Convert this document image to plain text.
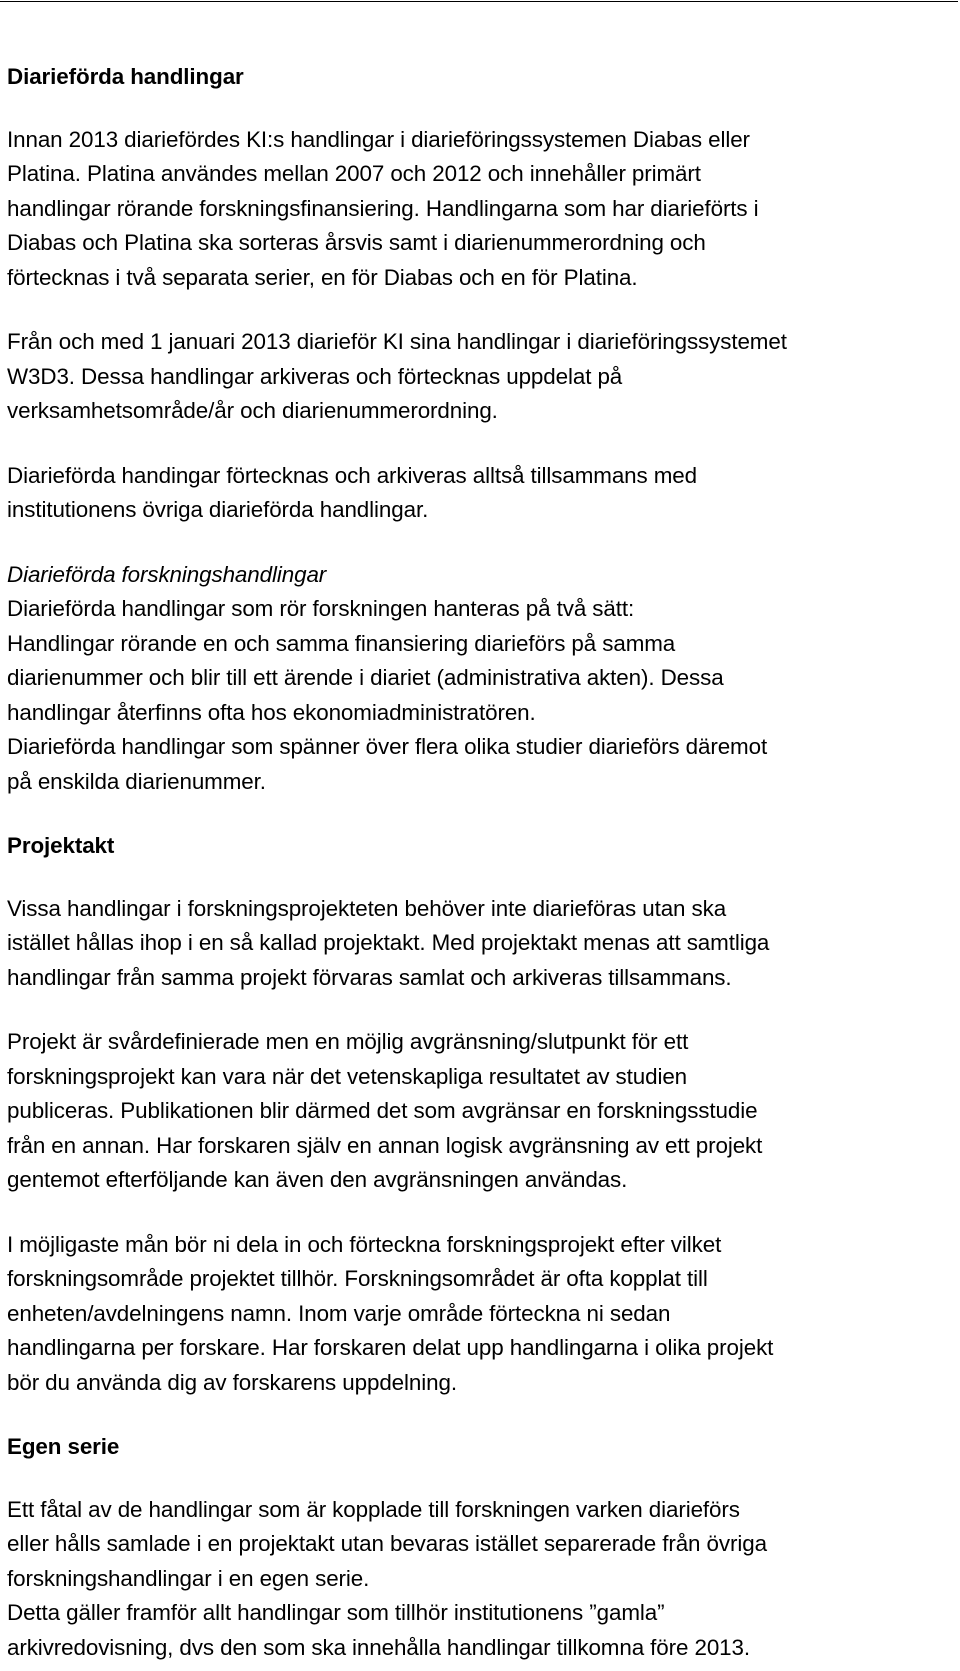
Diarieförda handlingar
Innan 2013 diariefördes KI:s handlingar i diarieföringssystemen Diabas eller
Platina. Platina användes mellan 2007 och 2012 och innehåller primärt
handlingar rörande forskningsfinansiering. Handlingarna som har diarieförts i
Diabas och Platina ska sorteras årsvis samt i diarienummerordning och
förtecknas i två separata serier, en för Diabas och en för Platina.
Från och med 1 januari 2013 diarieför KI sina handlingar i diarieföringssystemet
W3D3. Dessa handlingar arkiveras och förtecknas uppdelat på
verksamhetsområde/år och diarienummerordning.
Diarieförda handingar förtecknas och arkiveras alltså tillsammans med
institutionens övriga diarieförda handlingar.
Diarieförda forskningshandlingar
Diarieförda handlingar som rör forskningen hanteras på två sätt:
Handlingar rörande en och samma finansiering diarieförs på samma
diarienummer och blir till ett ärende i diariet (administrativa akten). Dessa
handlingar återfinns ofta hos ekonomiadministratören.
Diarieförda handlingar som spänner över flera olika studier diarieförs däremot
på enskilda diarienummer.
Projektakt
Vissa handlingar i forskningsprojekteten behöver inte diarieföras utan ska
istället hållas ihop i en så kallad projektakt. Med projektakt menas att samtliga
handlingar från samma projekt förvaras samlat och arkiveras tillsammans.
Projekt är svårdefinierade men en möjlig avgränsning/slutpunkt för ett
forskningsprojekt kan vara när det vetenskapliga resultatet av studien
publiceras. Publikationen blir därmed det som avgränsar en forskningsstudie
från en annan. Har forskaren själv en annan logisk avgränsning av ett projekt
gentemot efterföljande kan även den avgränsningen användas.
I möjligaste mån bör ni dela in och förteckna forskningsprojekt efter vilket
forskningsområde projektet tillhör. Forskningsområdet är ofta kopplat till
enheten/avdelningens namn. Inom varje område förteckna ni sedan
handlingarna per forskare. Har forskaren delat upp handlingarna i olika projekt
bör du använda dig av forskarens uppdelning.
Egen serie
Ett fåtal av de handlingar som är kopplade till forskningen varken diarieförs
eller hålls samlade i en projektakt utan bevaras istället separerade från övriga
forskningshandlingar i en egen serie.
Detta gäller framför allt handlingar som tillhör institutionens ”gamla”
arkivredovisning, dvs den som ska innehålla handlingar tillkomna före 2013.
